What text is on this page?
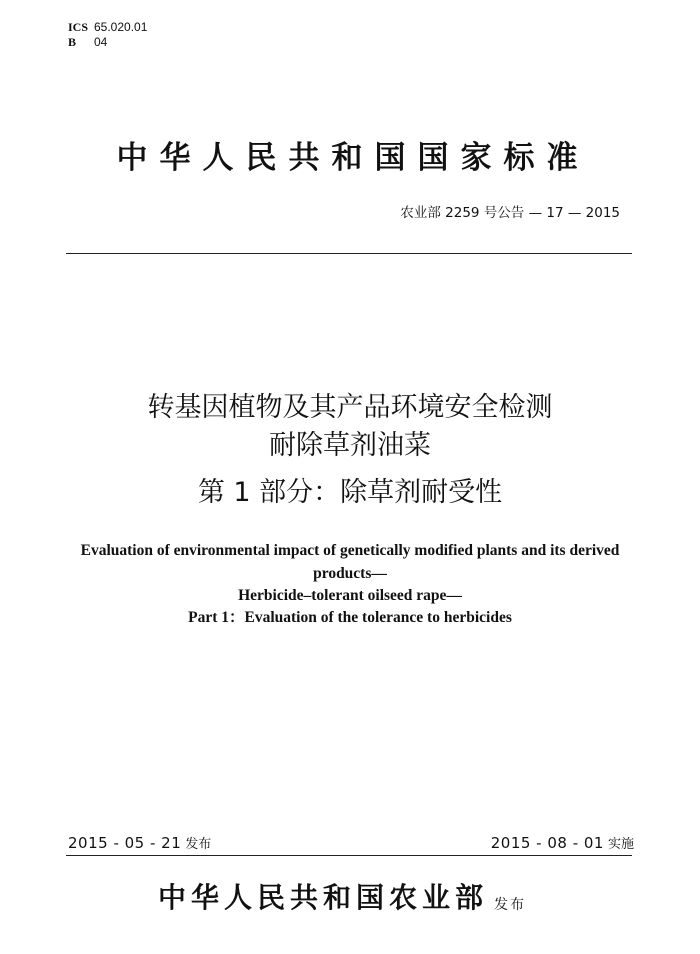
ICS 65.020.01
B 04
中华人民共和国国家标准
农业部 2259 号公告 — 17 — 2015
转基因植物及其产品环境安全检测
耐除草剂油菜
第 1 部分：除草剂耐受性
Evaluation of environmental impact of genetically modified plants and its derived
products—
Herbicide–tolerant oilseed rape—
Part 1：Evaluation of the tolerance to herbicides
2015 - 05 - 21 发布	2015 - 08 - 01 实施
中华人民共和国农业部 发布
